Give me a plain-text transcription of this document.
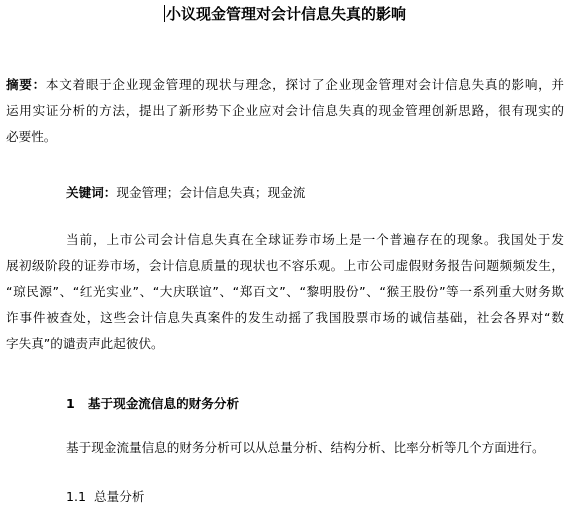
小议现金管理对会计信息失真的影响
摘要：本文着眼于企业现金管理的现状与理念，探讨了企业现金管理对会计信息失真的影响，并
运用实证分析的方法，提出了新形势下企业应对会计信息失真的现金管理创新思路，很有现实的
必要性。
关键词：现金管理；会计信息失真；现金流
当前，上市公司会计信息失真在全球证券市场上是一个普遍存在的现象。我国处于发
展初级阶段的证券市场，会计信息质量的现状也不容乐观。上市公司虚假财务报告问题频频发生，
“琼民源”、“红光实业”、“大庆联谊”、“郑百文”、“黎明股份”、“猴王股份”等一系列重大财务欺
诈事件被查处，这些会计信息失真案件的发生动摇了我国股票市场的诚信基础，社会各界对“数
字失真”的谴责声此起彼伏。
1 基于现金流信息的财务分析
基于现金流量信息的财务分析可以从总量分析、结构分析、比率分析等几个方面进行。
1.1 总量分析
